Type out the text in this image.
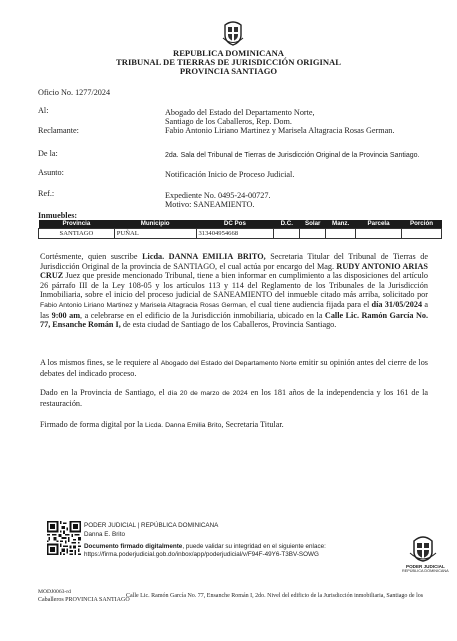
REPUBLICA DOMINICANA
TRIBUNAL DE TIERRAS DE JURISDICCIÓN ORIGINAL
PROVINCIA SANTIAGO
Oficio No. 1277/2024
Al:	Abogado del Estado del Departamento Norte,
Santiago de los Caballeros, Rep. Dom.
Reclamante:	Fabio Antonio Liriano Martinez y Marisela Altagracia Rosas German.
De la:	2da. Sala del Tribunal de Tierras de Jurisdicción Original de la Provincia Santiago.
Asunto:	Notificación Inicio de Proceso Judicial.
Ref.:	Expediente No. 0495-24-00727.
Motivo: SANEAMIENTO.
Inmuebles:
Provincia	Municipio	DC Pos	D.C.	Solar	Manz.	Parcela	Porción
SANTIAGO	PUÑAL	313404954668					
Cortésmente, quien suscribe Licda. DANNA EMILIA BRITO, Secretaria Titular del Tribunal de Tierras de Jurisdicción Original de la provincia de SANTIAGO, el cual actúa por encargo del Mag. RUDY ANTONIO ARIAS CRUZ Juez que preside mencionado Tribunal, tiene a bien informar en cumplimiento a las disposiciones del artículo 26 párrafo III de la Ley 108-05 y los artículos 113 y 114 del Reglamento de los Tribunales de la Jurisdicción Inmobiliaria, sobre el inicio del proceso judicial de SANEAMIENTO del inmueble citado más arriba, solicitado por Fabio Antonio Liriano Martinez y Marisela Altagracia Rosas German, el cual tiene audiencia fijada para el día 31/05/2024 a las 9:00 am, a celebrarse en el edificio de la Jurisdicción inmobiliaria, ubicado en la Calle Lic. Ramón García No. 77, Ensanche Román I, de esta ciudad de Santiago de los Caballeros, Provincia Santiago.
A los mismos fines, se le requiere al Abogado del Estado del Departamento Norte emitir su opinión antes del cierre de los debates del indicado proceso.
Dado en la Provincia de Santiago, el día 20 de marzo de 2024 en los 181 años de la independencia y los 161 de la restauración.
Firmado de forma digital por la Licda. Danna Emilia Brito, Secretaria Titular.
PODER JUDICIAL | REPÚBLICA DOMINICANA
Danna E. Brito
Documento firmado digitalmente, puede validar su integridad en el siguiente enlace:
https://firma.poderjudicial.gob.do/inbox/app/poderjudicial/v/F94F-49Y6-T3BV-SOWG
PODER JUDICIAL
REPÚBLICA DOMINICANA
MODJ0063-rd
Caballeros PROVINCIA SANTIAGO
Calle Lic. Ramón García No. 77, Ensanche Román I, 2do. Nivel del edificio de la Jurisdicción inmobiliaria, Santiago de los
